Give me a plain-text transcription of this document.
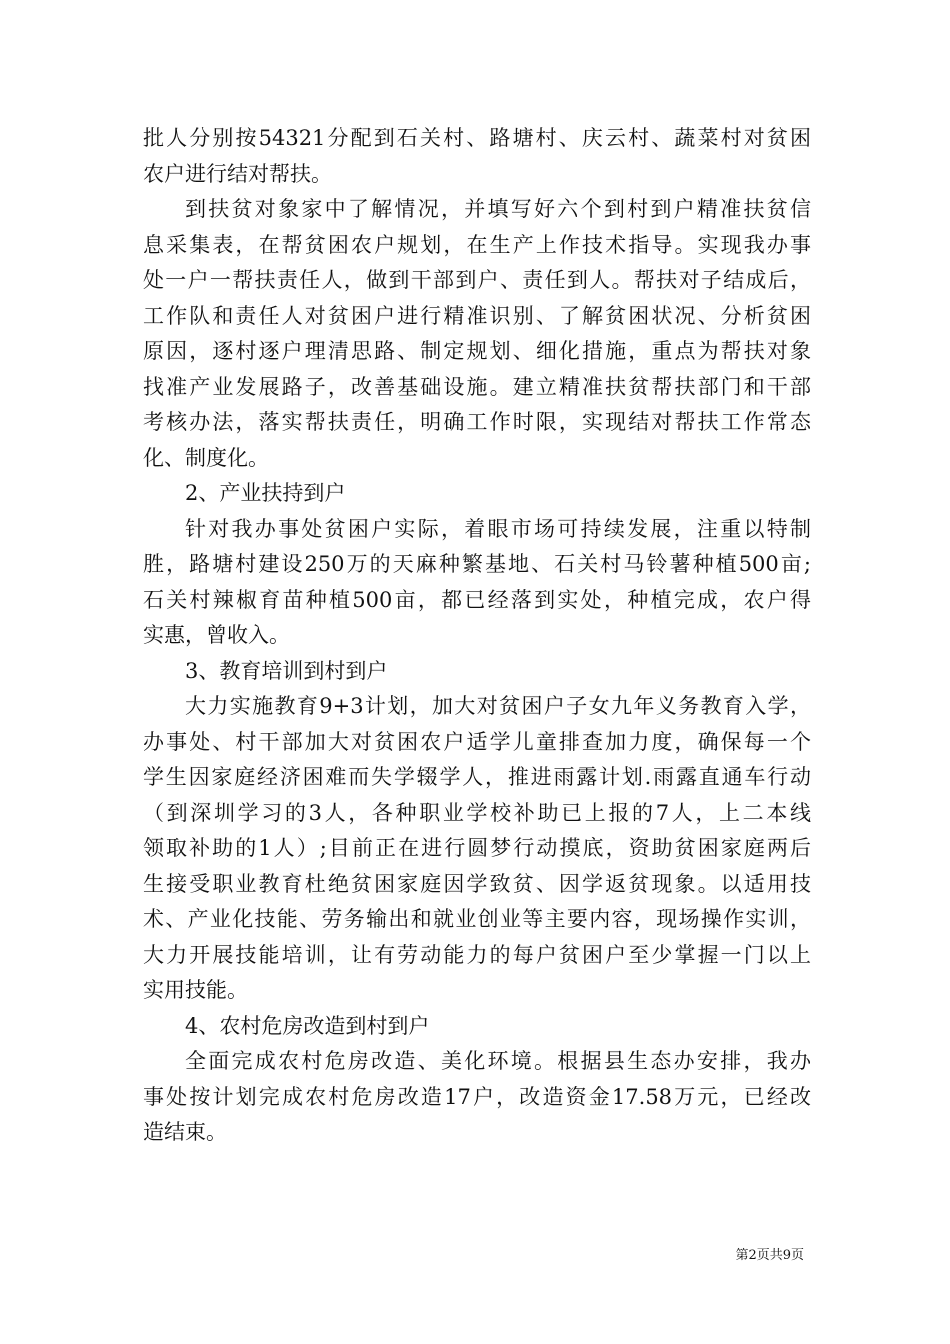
批人分别按54321分配到石关村、路塘村、庆云村、蔬菜村对贫困
农户进行结对帮扶。
到扶贫对象家中了解情况，并填写好六个到村到户精准扶贫信
息采集表，在帮贫困农户规划，在生产上作技术指导。实现我办事
处一户一帮扶责任人，做到干部到户、责任到人。帮扶对子结成后，
工作队和责任人对贫困户进行精准识别、了解贫困状况、分析贫困
原因，逐村逐户理清思路、制定规划、细化措施，重点为帮扶对象
找准产业发展路子，改善基础设施。建立精准扶贫帮扶部门和干部
考核办法，落实帮扶责任，明确工作时限，实现结对帮扶工作常态
化、制度化。
2、产业扶持到户
针对我办事处贫困户实际，着眼市场可持续发展，注重以特制
胜，路塘村建设250万的天麻种繁基地、石关村马铃薯种植500亩;
石关村辣椒育苗种植500亩，都已经落到实处，种植完成，农户得
实惠，曾收入。
3、教育培训到村到户
大力实施教育9+3计划，加大对贫困户子女九年义务教育入学，
办事处、村干部加大对贫困农户适学儿童排查加力度，确保每一个
学生因家庭经济困难而失学辍学人，推进雨露计划.雨露直通车行动
（到深圳学习的3人，各种职业学校补助已上报的7人，上二本线
领取补助的1人）;目前正在进行圆梦行动摸底，资助贫困家庭两后
生接受职业教育杜绝贫困家庭因学致贫、因学返贫现象。以适用技
术、产业化技能、劳务输出和就业创业等主要内容，现场操作实训，
大力开展技能培训，让有劳动能力的每户贫困户至少掌握一门以上
实用技能。
4、农村危房改造到村到户
全面完成农村危房改造、美化环境。根据县生态办安排，我办
事处按计划完成农村危房改造17户，改造资金17.58万元，已经改
造结束。
第2页共9页
